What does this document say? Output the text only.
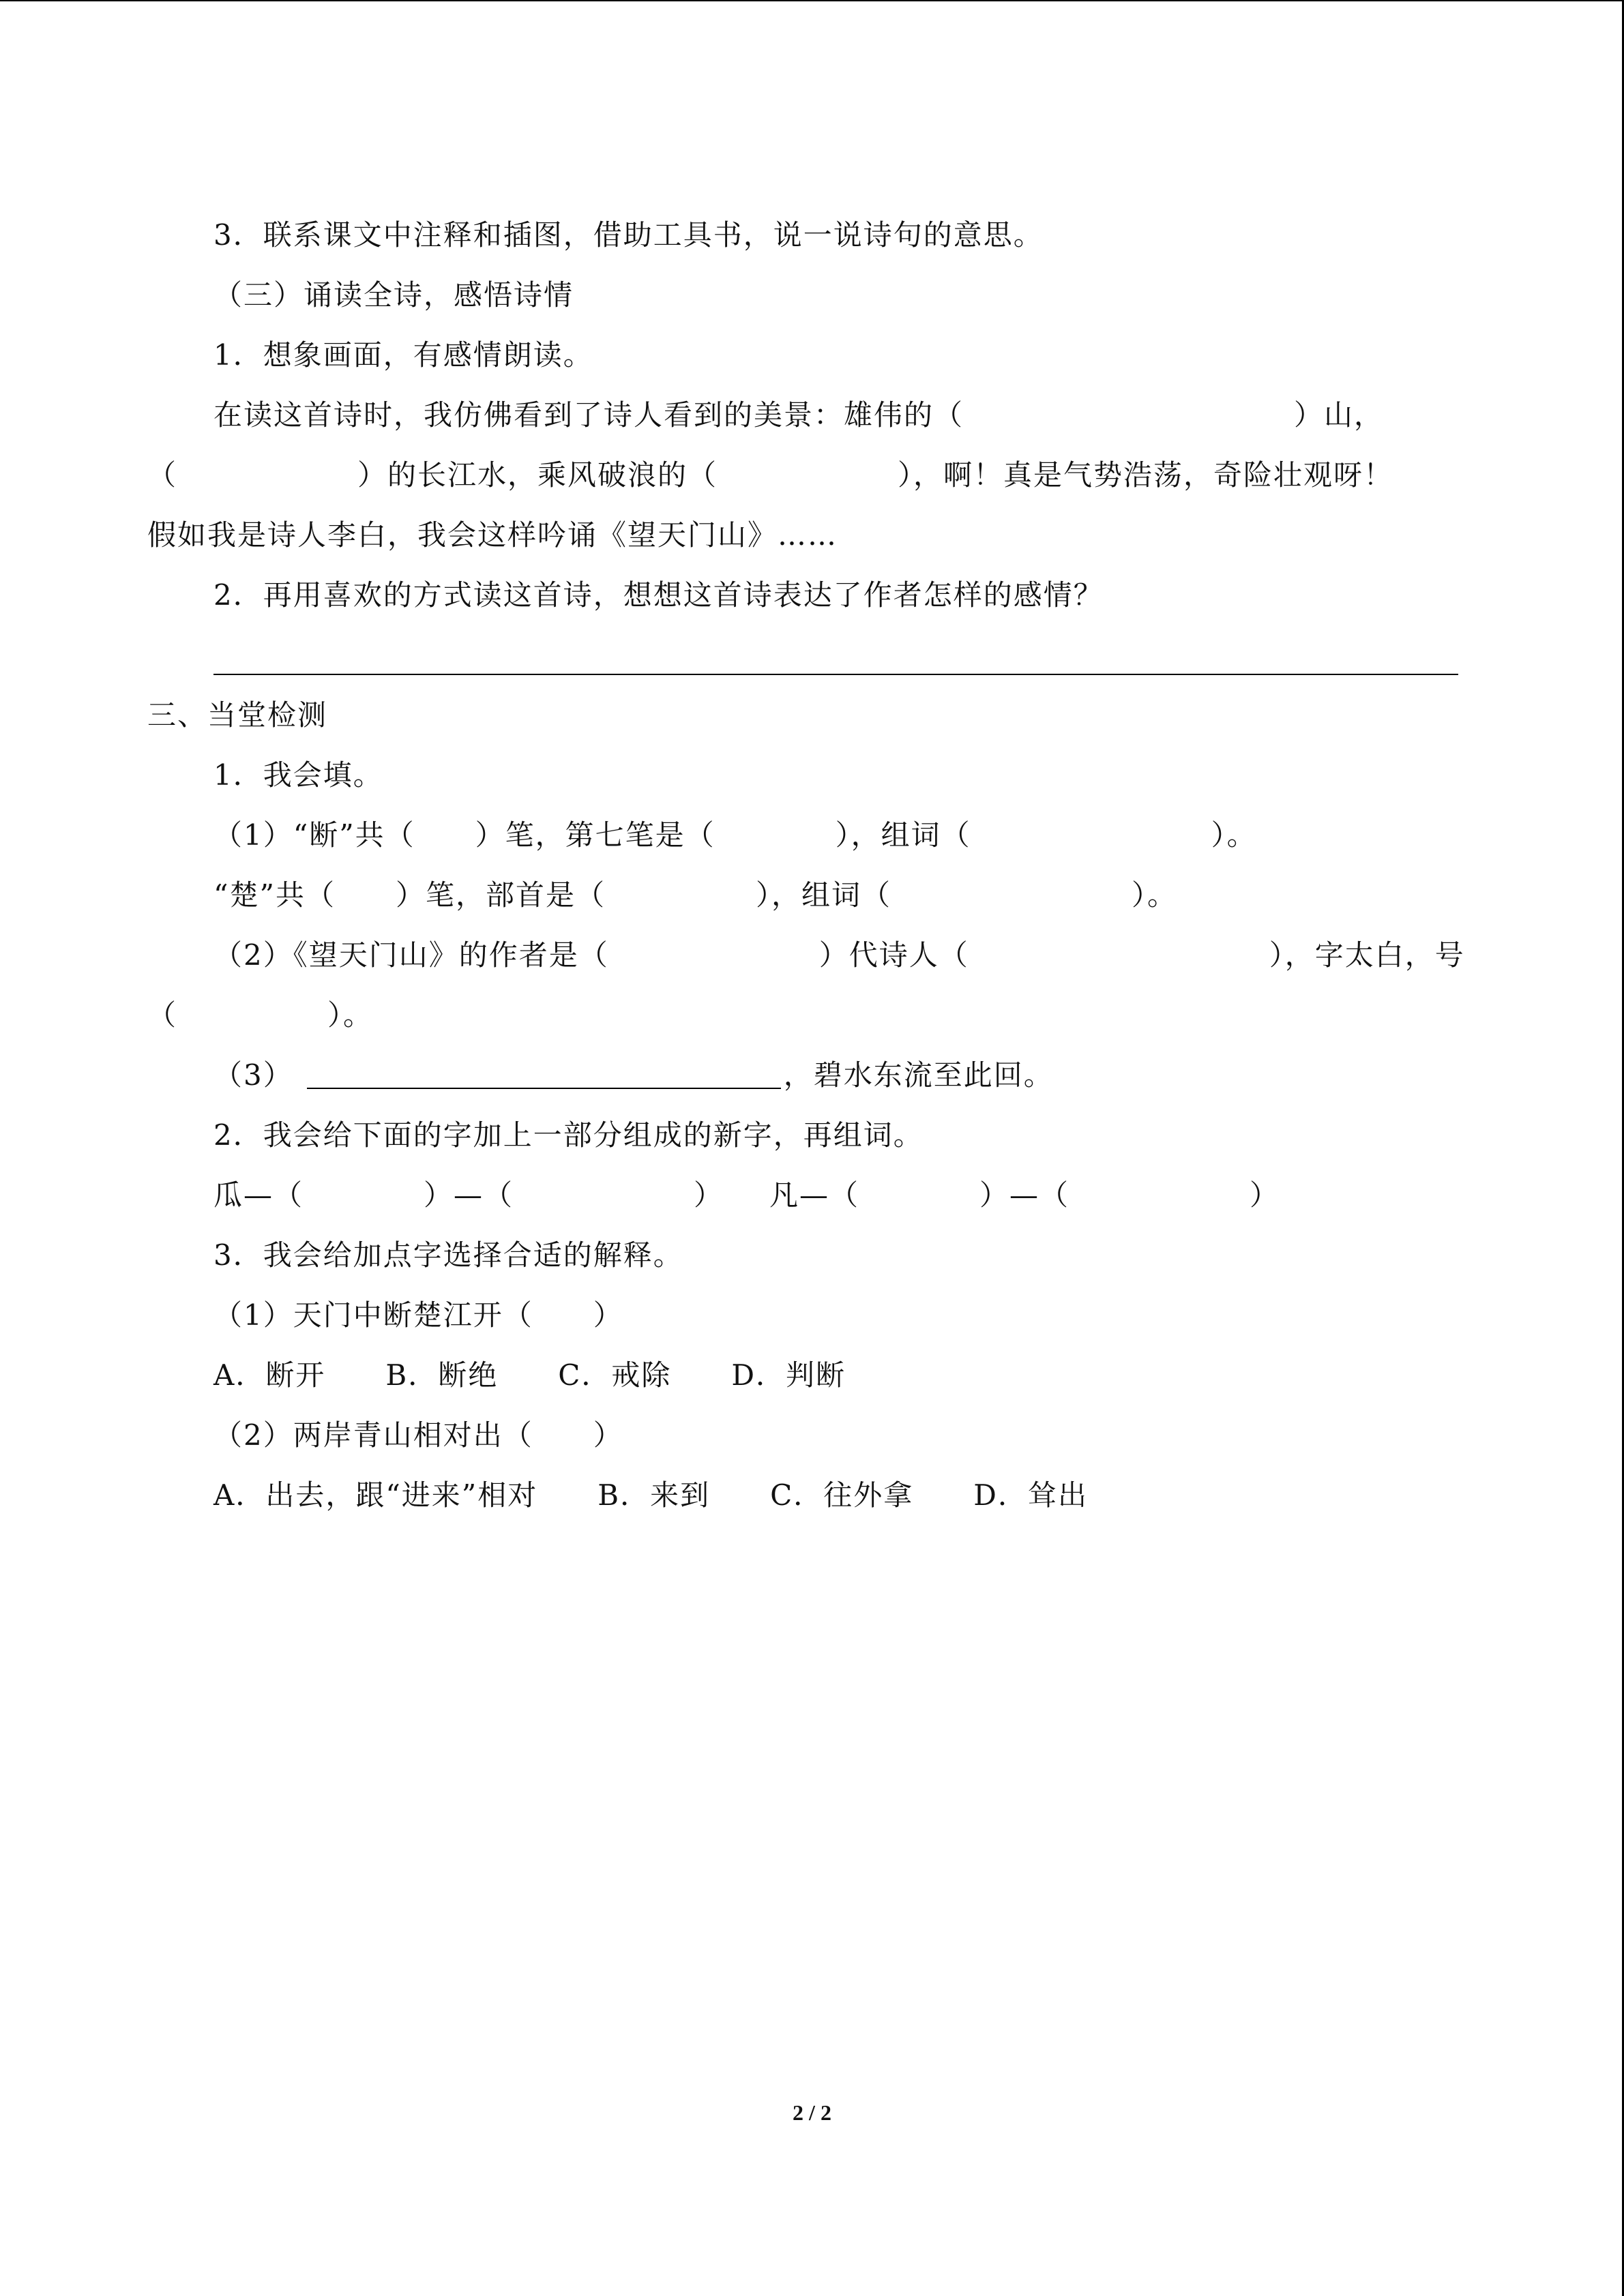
3．联系课文中注释和插图，借助工具书，说一说诗句的意思。
（三）诵读全诗，感悟诗情
1．想象画面，有感情朗读。
在读这首诗时，我仿佛看到了诗人看到的美景：雄伟的（　　　　　　　　　　　）山，
（　　　　　　）的长江水，乘风破浪的（　　　　　　），啊！真是气势浩荡，奇险壮观呀！
假如我是诗人李白，我会这样吟诵《望天门山》……
2．再用喜欢的方式读这首诗，想想这首诗表达了作者怎样的感情？
三、当堂检测
1．我会填。
（1）“断”共（　　）笔，第七笔是（　　　　），组词（　　　　　　　　）。
“楚”共（　　）笔，部首是（　　　　　），组词（　　　　　　　　）。
（2）《望天门山》的作者是（　　　　　　　）代诗人（　　　　　　　　　　），字太白，号
（　　　　　）。
（3）	，碧水东流至此回。
2．我会给下面的字加上一部分组成的新字，再组词。
瓜—（　　　　）—（　　　　　　）　　凡—（　　　　）—（　　　　　　）
3．我会给加点字选择合适的解释。
（1）天门中断楚江开（　　）
A．断开　　B．断绝　　C．戒除　　D．判断
（2）两岸青山相对出（　　）
A．出去，跟“进来”相对　　B．来到　　C．往外拿　　D．耸出
2 / 2
